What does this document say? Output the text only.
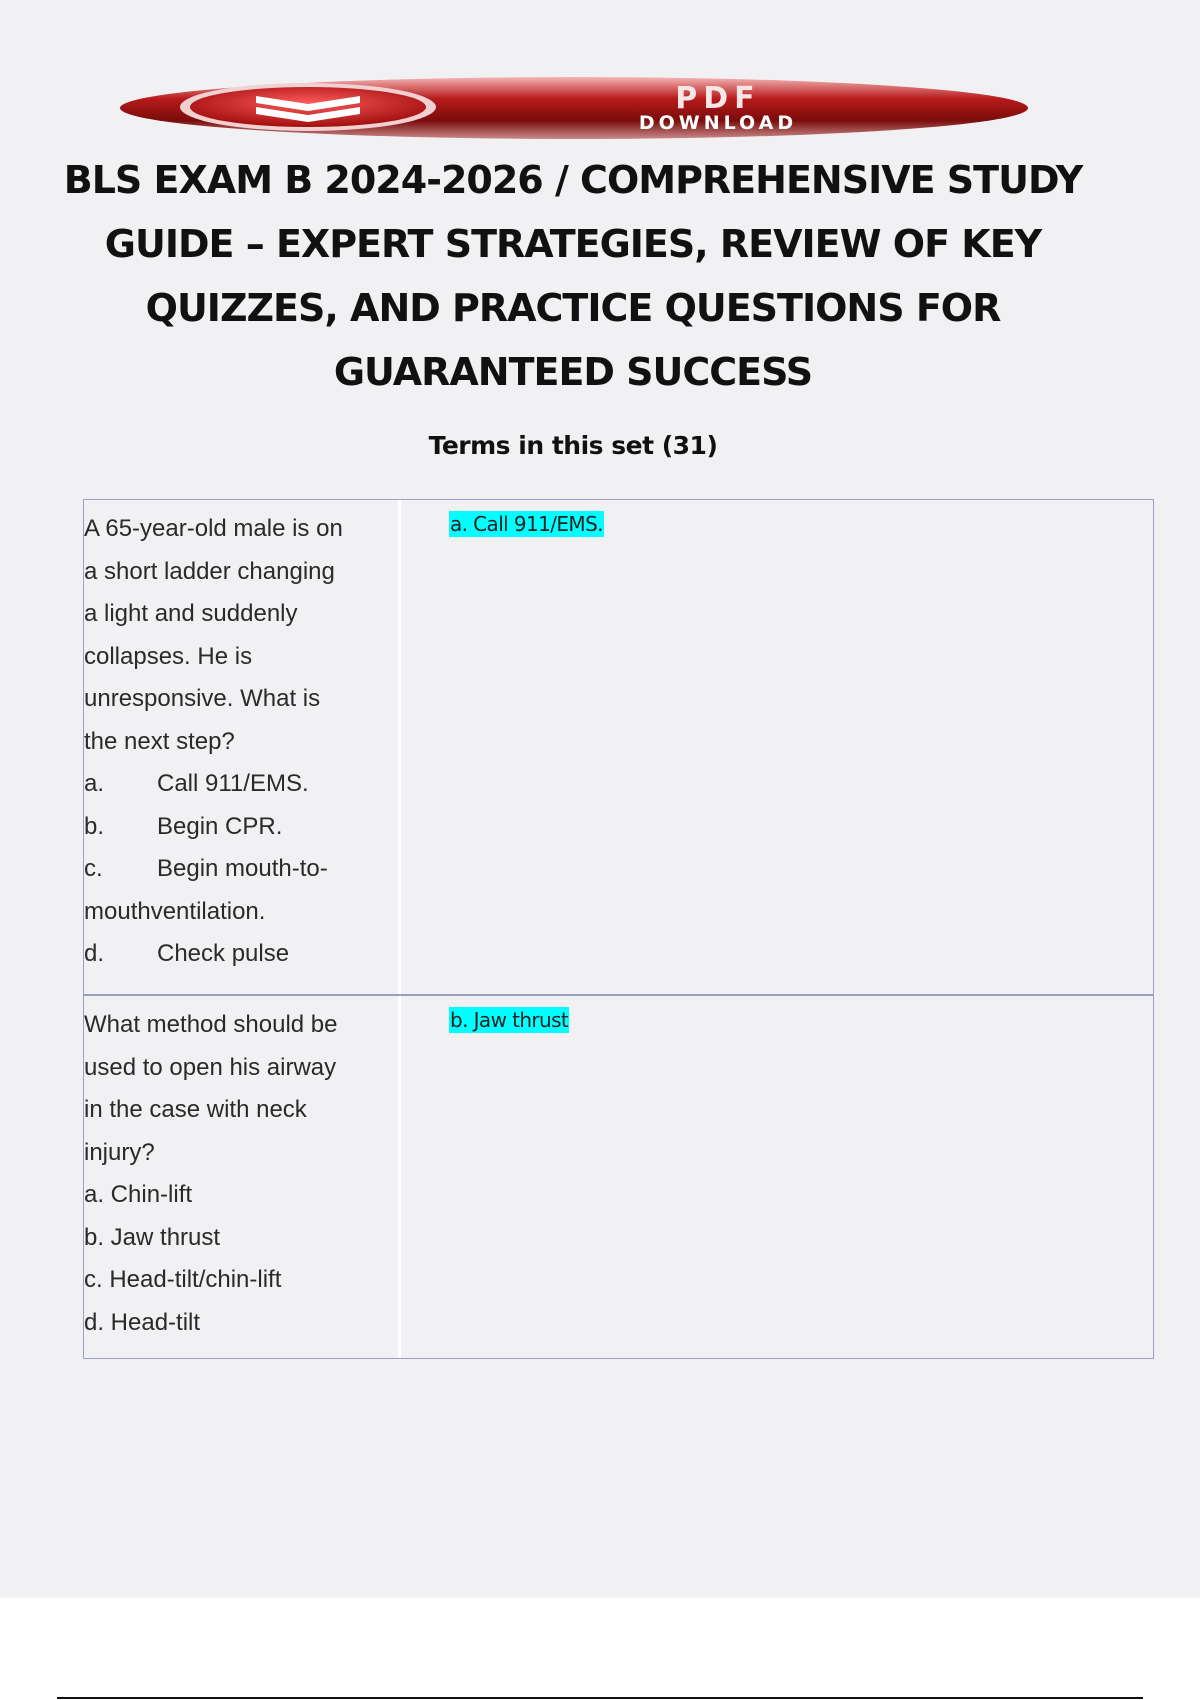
PDF
DOWNLOAD
BLS EXAM B 2024-2026 / COMPREHENSIVE STUDY
GUIDE – EXPERT STRATEGIES, REVIEW OF KEY
QUIZZES, AND PRACTICE QUESTIONS FOR
GUARANTEED SUCCESS
Terms in this set (31)
A 65-year-old male is on
a short ladder changing
a light and suddenly
collapses. He is
unresponsive. What is
the next step?
a. Call 911/EMS.
b. Begin CPR.
c. Begin mouth-to-
mouthventilation.
d. Check pulse
a. Call 911/EMS.
What method should be
used to open his airway
in the case with neck
injury?
a. Chin-lift
b. Jaw thrust
c. Head-tilt/chin-lift
d. Head-tilt
b. Jaw thrust
